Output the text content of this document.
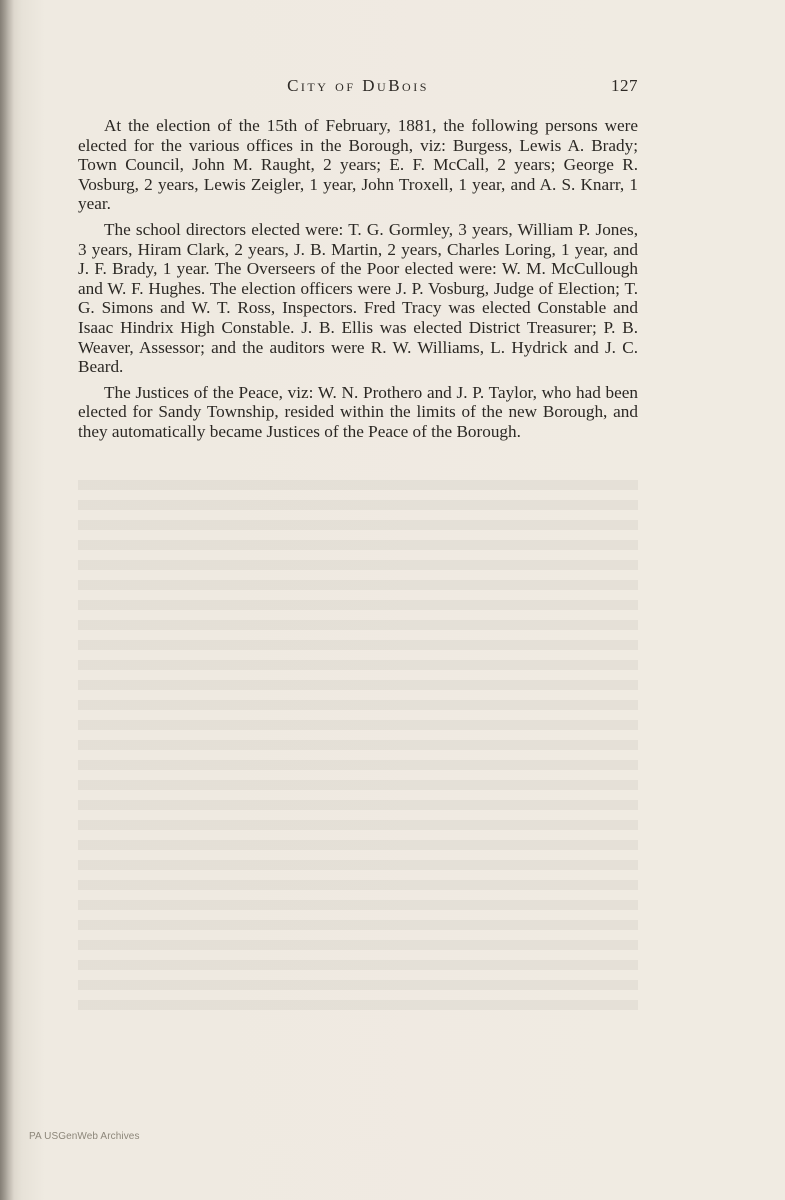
City of DuBois	127

At the election of the 15th of February, 1881, the following persons were elected for the various offices in the Borough, viz: Burgess, Lewis A. Brady; Town Council, John M. Raught, 2 years; E. F. McCall, 2 years; George R. Vosburg, 2 years, Lewis Zeigler, 1 year, John Troxell, 1 year, and A. S. Knarr, 1 year.

The school directors elected were: T. G. Gormley, 3 years, William P. Jones, 3 years, Hiram Clark, 2 years, J. B. Martin, 2 years, Charles Loring, 1 year, and J. F. Brady, 1 year. The Overseers of the Poor elected were: W. M. McCullough and W. F. Hughes. The election officers were J. P. Vosburg, Judge of Election; T. G. Simons and W. T. Ross, Inspectors. Fred Tracy was elected Constable and Isaac Hindrix High Constable. J. B. Ellis was elected District Treasurer; P. B. Weaver, Assessor; and the auditors were R. W. Williams, L. Hydrick and J. C. Beard.

The Justices of the Peace, viz: W. N. Prothero and J. P. Taylor, who had been elected for Sandy Township, resided within the limits of the new Borough, and they automatically became Justices of the Peace of the Borough.

PA USGenWeb Archives
